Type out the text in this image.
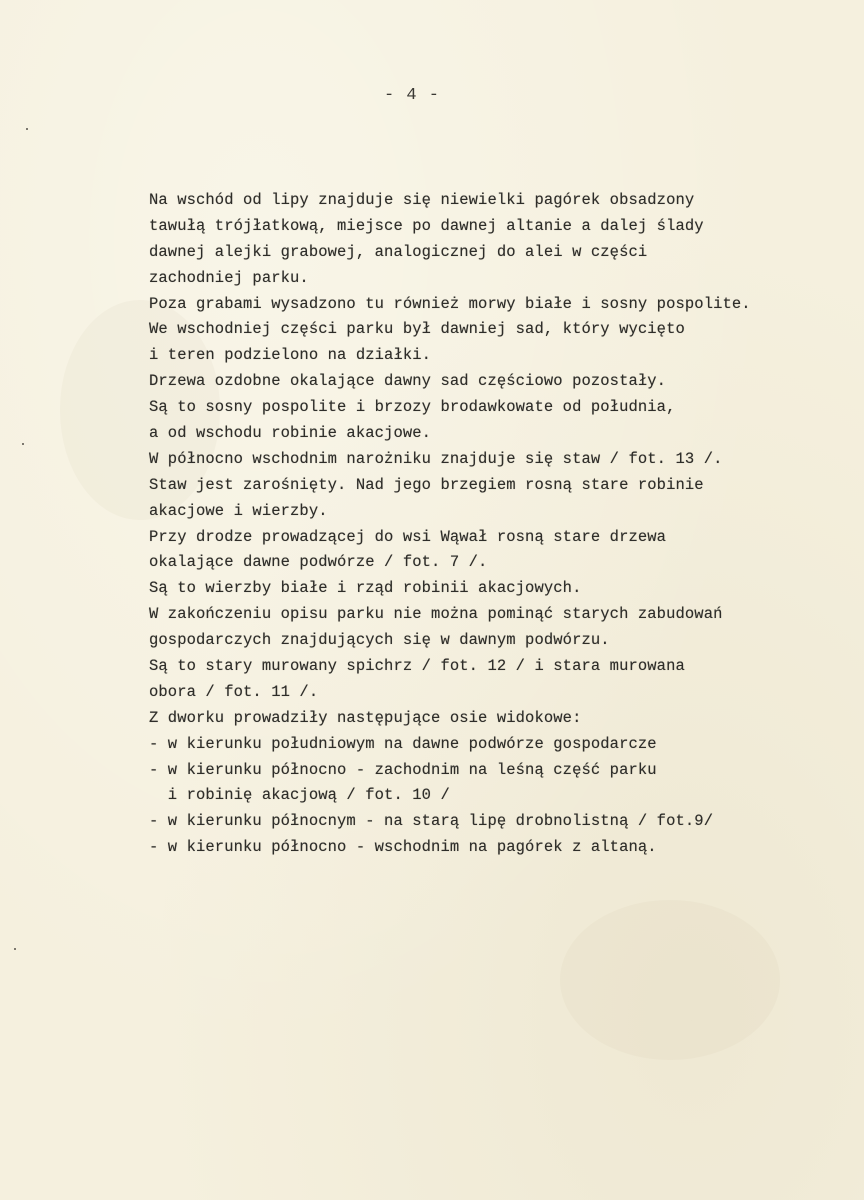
- 4 -
Na wschód od lipy znajduje się niewielki pagórek obsadzony
tawułą trójłatkową, miejsce po dawnej altanie a dalej ślady
dawnej alejki grabowej, analogicznej do alei w części
zachodniej parku.
Poza grabami wysadzono tu również morwy białe i sosny pospolite.
We wschodniej części parku był dawniej sad, który wycięto
i teren podzielono na działki.
Drzewa ozdobne okalające dawny sad częściowo pozostały.
Są to sosny pospolite i brzozy brodawkowate od południa,
a od wschodu robinie akacjowe.
W północno wschodnim narożniku znajduje się staw / fot. 13 /.
Staw jest zarośnięty. Nad jego brzegiem rosną stare robinie
akacjowe i wierzby.
Przy drodze prowadzącej do wsi Wąwał rosną stare drzewa
okalające dawne podwórze / fot. 7 /.
Są to wierzby białe i rząd robinii akacjowych.
W zakończeniu opisu parku nie można pominąć starych zabudowań
gospodarczych znajdujących się w dawnym podwórzu.
Są to stary murowany spichrz / fot. 12 / i stara murowana
obora / fot. 11 /.
Z dworku prowadziły następujące osie widokowe:
- w kierunku południowym na dawne podwórze gospodarcze
- w kierunku północno - zachodnim na leśną część parku
i robinię akacjową / fot. 10 /
- w kierunku północnym - na starą lipę drobnolistną / fot.9/
- w kierunku północno - wschodnim na pagórek z altaną.
